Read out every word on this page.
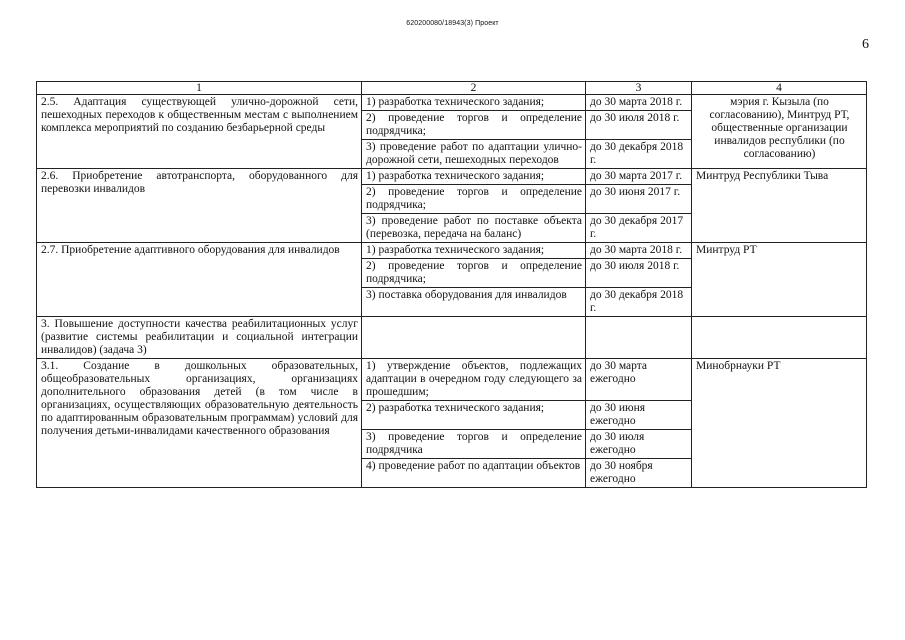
620200080/18943(3) Проект
6
1	2	3	4
2.5. Адаптация существующей улично-дорожной сети, пешеходных переходов к общественным местам с выполнением комплекса мероприятий по созданию безбарьерной среды	1) разработка технического задания;	до 30 марта 2018 г.	мэрия г. Кызыла (по согласованию), Минтруд РТ, общественные организации инвалидов республики (по согласованию)
	2) проведение торгов и определение подрядчика;	до 30 июля 2018 г.	
	3) проведение работ по адаптации улично-дорожной сети, пешеходных переходов	до 30 декабря 2018 г.	
2.6. Приобретение автотранспорта, оборудованного для перевозки инвалидов	1) разработка технического задания;	до 30 марта 2017 г.	Минтруд Республики Тыва
	2) проведение торгов и определение подрядчика;	до 30 июня 2017 г.	
	3) проведение работ по поставке объекта (перевозка, передача на баланс)	до 30 декабря 2017 г.	
2.7. Приобретение адаптивного оборудования для инвалидов	1) разработка технического задания;	до 30 марта 2018 г.	Минтруд РТ
	2) проведение торгов и определение подрядчика;	до 30 июля 2018 г.	
	3) поставка оборудования для инвалидов	до 30 декабря 2018 г.	
3. Повышение доступности качества реабилитационных услуг (развитие системы реабилитации и социальной интеграции инвалидов) (задача 3)			
3.1. Создание в дошкольных образовательных, общеобразовательных организациях, организациях дополнительного образования детей (в том числе в организациях, осуществляющих образовательную деятельность по адаптированным образовательным программам) условий для получения детьми-инвалидами качественного образования	1) утверждение объектов, подлежащих адаптации в очередном году следующего за прошедшим;	до 30 марта ежегодно	Минобрнауки РТ
	2) разработка технического задания;	до 30 июня ежегодно	
	3) проведение торгов и определение подрядчика	до 30 июля ежегодно	
	4) проведение работ по адаптации объектов	до 30 ноября ежегодно	
